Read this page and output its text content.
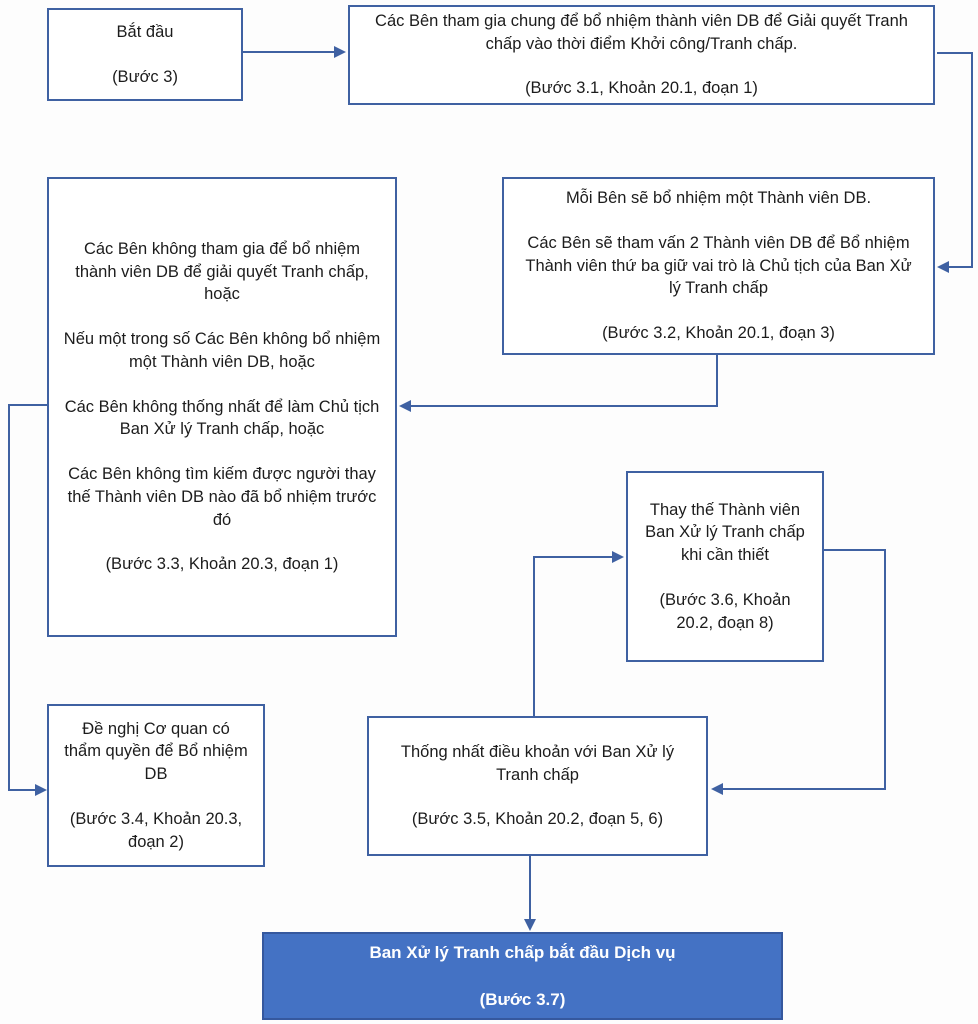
Bắt đầu

(Bước 3)

Các Bên tham gia chung để bổ nhiệm thành viên DB để Giải quyết Tranh chấp vào thời điểm Khởi công/Tranh chấp.

(Bước 3.1, Khoản 20.1, đoạn 1)

Mỗi Bên sẽ bổ nhiệm một Thành viên DB.

Các Bên sẽ tham vấn 2 Thành viên DB để Bổ nhiệm Thành viên thứ ba giữ vai trò là Chủ tịch của Ban Xử lý Tranh chấp

(Bước 3.2, Khoản 20.1, đoạn 3)

Các Bên không tham gia để bổ nhiệm thành viên DB để giải quyết Tranh chấp, hoặc

Nếu một trong số Các Bên không bổ nhiệm một Thành viên DB, hoặc

Các Bên không thống nhất để làm Chủ tịch Ban Xử lý Tranh chấp, hoặc

Các Bên không tìm kiếm được người thay thế Thành viên DB nào đã bổ nhiệm trước đó

(Bước 3.3, Khoản 20.3, đoạn 1)

Thay thế Thành viên Ban Xử lý Tranh chấp khi cần thiết

(Bước 3.6, Khoản 20.2, đoạn 8)

Đề nghị Cơ quan có thẩm quyền để Bổ nhiệm DB

(Bước 3.4, Khoản 20.3, đoạn 2)

Thống nhất điều khoản với Ban Xử lý Tranh chấp

(Bước 3.5, Khoản 20.2, đoạn 5, 6)

Ban Xử lý Tranh chấp bắt đầu Dịch vụ

(Bước 3.7)
